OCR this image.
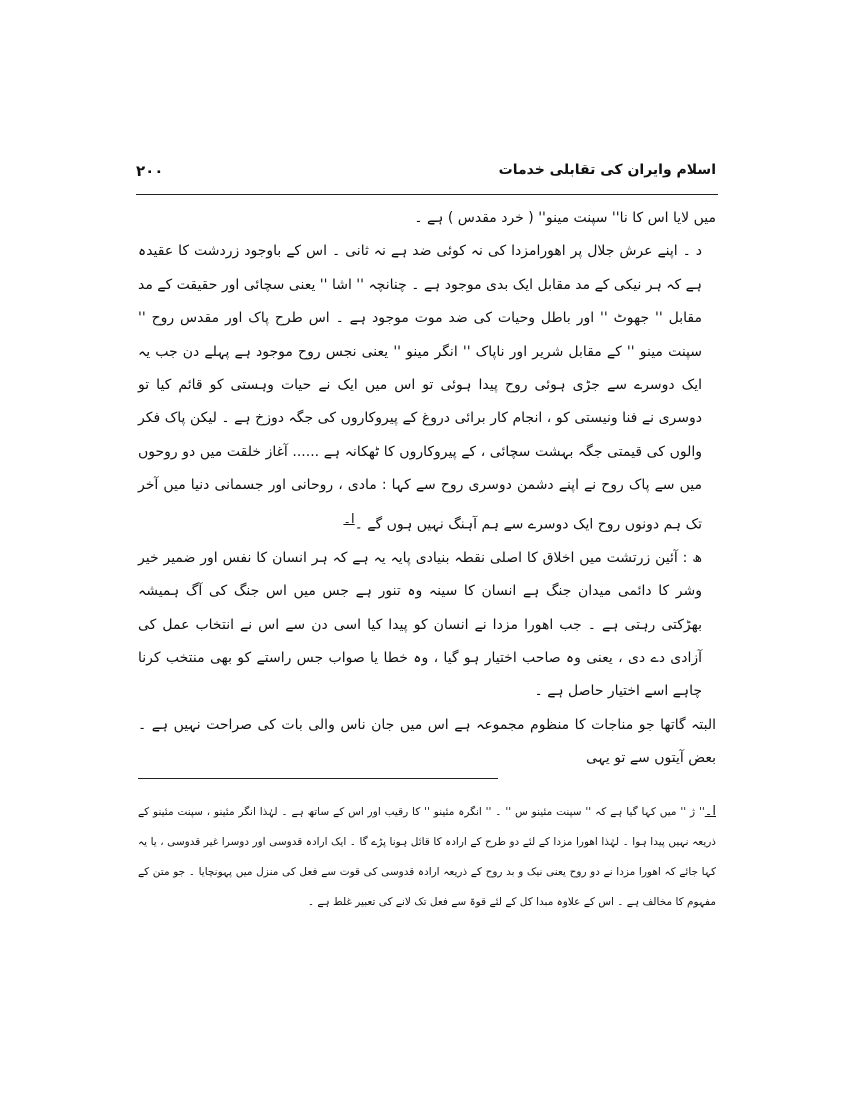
اسلام وایران کی تقابلی خدمات
۲۰۰

میں لایا اس کا نا'' سپنت مینو'' ( خرد مقدس ) ہے ۔

د ۔ اپنے عرش جلال پر اهورامزدا کی نہ کوئی ضد ہے نہ ثانی ۔ اس کے باوجود زردشت کا عقیدہ ہے کہ ہر نیکی کے مد مقابل ایک بدی موجود ہے ۔ چنانچہ '' اشا '' یعنی سچائی اور حقیقت کے مد مقابل '' جھوٹ '' اور باطل وحیات کی ضد موت موجود ہے ۔ اس طرح پاک اور مقدس روح '' سپنت مینو '' کے مقابل شریر اور ناپاک '' انگر مینو '' یعنی نجس روح موجود ہے پہلے دن جب یہ ایک دوسرے سے جڑی ہوئی روح پیدا ہوئی تو اس میں ایک نے حیات وہستی کو قائم کیا تو دوسری نے فنا ونیستی کو ، انجام کار برائی دروغ کے پیروکاروں کی جگہ دوزخ ہے ۔ لیکن پاک فکر والوں کی قیمتی جگہ بہشت سچائی ، کے پیروکاروں کا ٹھکانہ ہے ...... آغاز خلقت میں دو روحوں میں سے پاک روح نے اپنے دشمن دوسری روح سے کہا : مادی ، روحانی اور جسمانی دنیا میں آخر تک ہم دونوں روح ایک دوسرے سے ہم آہنگ نہیں ہوں گے ۔$^{ا۔}$

ھ : آئین زرتشت میں اخلاق کا اصلی نقطہ بنیادی پایہ یہ ہے کہ ہر انسان کا نفس اور ضمیر خیر وشر کا دائمی میدان جنگ ہے انسان کا سینہ وہ تنور ہے جس میں اس جنگ کی آگ ہمیشہ بھڑکتی رہتی ہے ۔ جب اهورا مزدا نے انسان کو پیدا کیا اسی دن سے اس نے انتخاب عمل کی آزادی دے دی ، یعنی وہ صاحب اختیار ہو گیا ، وہ خطا یا صواب جس راستے کو بھی منتخب کرنا چاہے اسے اختیار حاصل ہے ۔

البتہ گاتھا جو مناجات کا منظوم مجموعہ ہے اس میں جان ناس والی بات کی صراحت نہیں ہے ۔ بعض آیتوں سے تو یہی

ا۔'' ژ '' میں کہا گیا ہے کہ '' سپنت مئینو س '' ۔ '' انگرہ مئینو '' کا رقیب اور اس کے ساتھ ہے ۔ لہٰذا انگر مئینو ، سپنت مئینو کے ذریعہ نہیں پیدا ہوا ۔ لہٰذا اهورا مزدا کے لئے دو طرح کے ارادہ کا قائل ہونا پڑے گا ۔ ایک ارادہ قدوسی اور دوسرا غیر قدوسی ، یا یہ کہا جائے کہ اهورا مزدا نے دو روح یعنی نیک و بد روح کے ذریعہ ارادہ قدوسی کی قوت سے فعل کی منزل میں پہونچایا ۔ جو متن کے مفہوم کا مخالف ہے ۔ اس کے علاوہ مبدا کل کے لئے قوۃ سے فعل تک لانے کی تعبیر غلط ہے ۔
